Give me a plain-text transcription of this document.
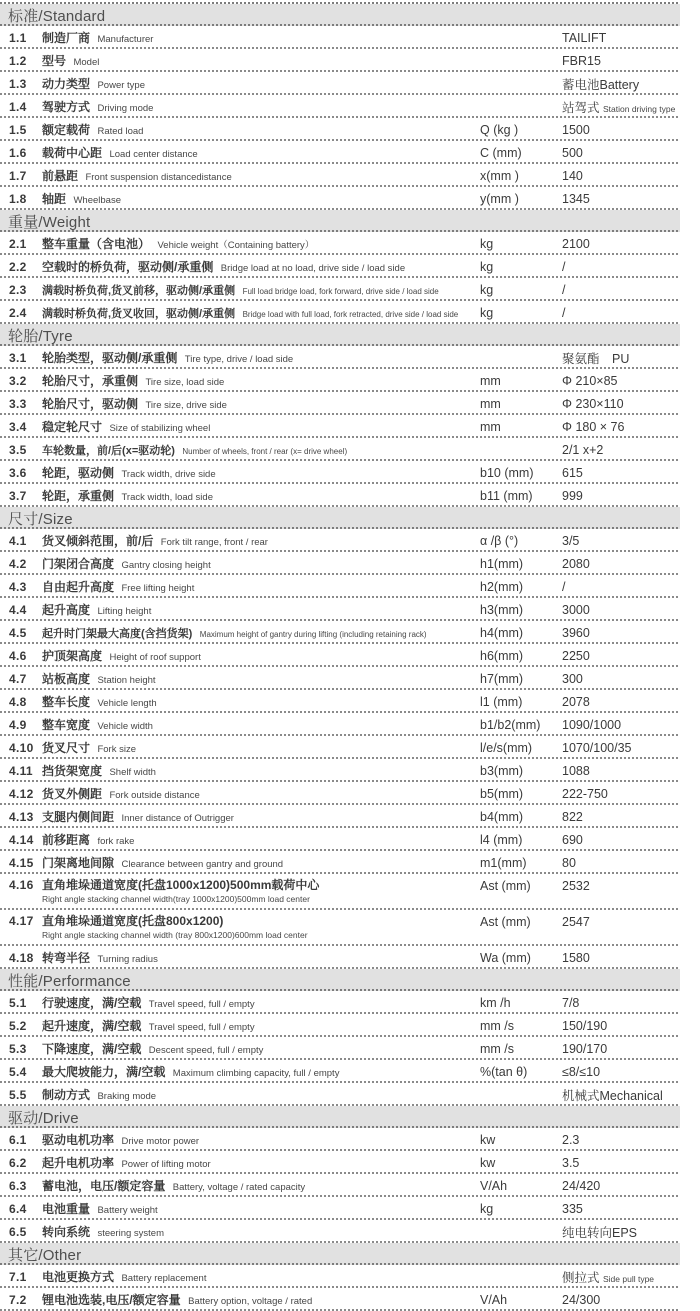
标准/Standard
1.1	制造厂商 Manufacturer	TAILIFT
1.2	型号 Model	FBR15
1.3	动力类型 Power type	蓄电池Battery
1.4	驾驶方式 Driving mode	站驾式 Station driving type
1.5	额定载荷 Rated load	Q (kg )	1500
1.6	载荷中心距 Load center distance	C (mm)	500
1.7	前悬距 Front suspension distancedistance	x(mm )	140
1.8	轴距 Wheelbase	y(mm )	1345
重量/Weight
2.1	整车重量（含电池） Vehicle weight（Containing battery）	kg	2100
2.2	空载时的桥负荷，驱动侧/承重侧 Bridge load at no load, drive side / load side	kg	/
2.3	满载时桥负荷,货叉前移，驱动侧/承重侧 Full load bridge load, fork forward, drive side / load side	kg	/
2.4	满载时桥负荷,货叉收回，驱动侧/承重侧 Bridge load with full load, fork retracted, drive side / load side	kg	/
轮胎/Tyre
3.1	轮胎类型，驱动侧/承重侧 Tire type, drive / load side	聚氨酯　PU
3.2	轮胎尺寸，承重侧 Tire size, load side	mm	Φ 210×85
3.3	轮胎尺寸，驱动侧 Tire size, drive side	mm	Φ 230×110
3.4	稳定轮尺寸 Size of stabilizing wheel	mm	Φ 180 × 76
3.5	车轮数量，前/后(x=驱动轮) Number of wheels, front / rear (x= drive wheel)	2/1 x+2
3.6	轮距，驱动侧 Track width, drive side	b10 (mm)	615
3.7	轮距，承重侧 Track width, load side	b11 (mm)	999
尺寸/Size
4.1	货叉倾斜范围，前/后 Fork tilt range, front / rear	α /β (°)	3/5
4.2	门架闭合高度 Gantry closing height	h1(mm)	2080
4.3	自由起升高度 Free lifting height	h2(mm)	/
4.4	起升高度 Lifting height	h3(mm)	3000
4.5	起升时门架最大高度(含挡货架) Maximum height of gantry during lifting (including retaining rack)	h4(mm)	3960
4.6	护顶架高度 Height of roof support	h6(mm)	2250
4.7	站板高度 Station height	h7(mm)	300
4.8	整车长度 Vehicle length	l1 (mm)	2078
4.9	整车宽度 Vehicle width	b1/b2(mm)	1090/1000
4.10 货叉尺寸 Fork size	l/e/s(mm)	1070/100/35
4.11 挡货架宽度 Shelf width	b3(mm)	1088
4.12 货叉外侧距 Fork outside distance	b5(mm)	222-750
4.13 支腿内侧间距 Inner distance of Outrigger	b4(mm)	822
4.14 前移距离 fork rake	l4 (mm)	690
4.15 门架离地间隙 Clearance between gantry and ground	m1(mm)	80
4.16 直角堆垛通道宽度(托盘1000x1200)500mm载荷中心
Right angle stacking channel width(tray 1000x1200)500mm load center
Ast (mm)	2532
4.17 直角堆垛通道宽度(托盘800x1200)
Right angle stacking channel width (tray 800x1200)600mm load center
Ast (mm)	2547
4.18 转弯半径 Turning radius	Wa (mm)	1580
性能/Performance
5.1	行驶速度，满/空载 Travel speed, full / empty	km /h	7/8
5.2	起升速度，满/空载 Travel speed, full / empty	mm /s	150/190
5.3	下降速度，满/空载 Descent speed, full / empty	mm /s	190/170
5.4	最大爬坡能力，满/空载 Maximum climbing capacity, full / empty	%(tan θ)	≤8/≤10
5.5	制动方式 Braking mode	机械式Mechanical
驱动/Drive
6.1	驱动电机功率 Drive motor power	kw	2.3
6.2	起升电机功率 Power of lifting motor	kw	3.5
6.3	蓄电池，电压/额定容量 Battery, voltage / rated capacity	V/Ah	24/420
6.4	电池重量 Battery weight	kg	335
6.5	转向系统 steering system	纯电转向EPS
其它/Other
7.1	电池更换方式 Battery replacement	侧拉式 Side pull type
7.2	锂电池选装,电压/额定容量 Battery option, voltage / rated	V/Ah	24/300
